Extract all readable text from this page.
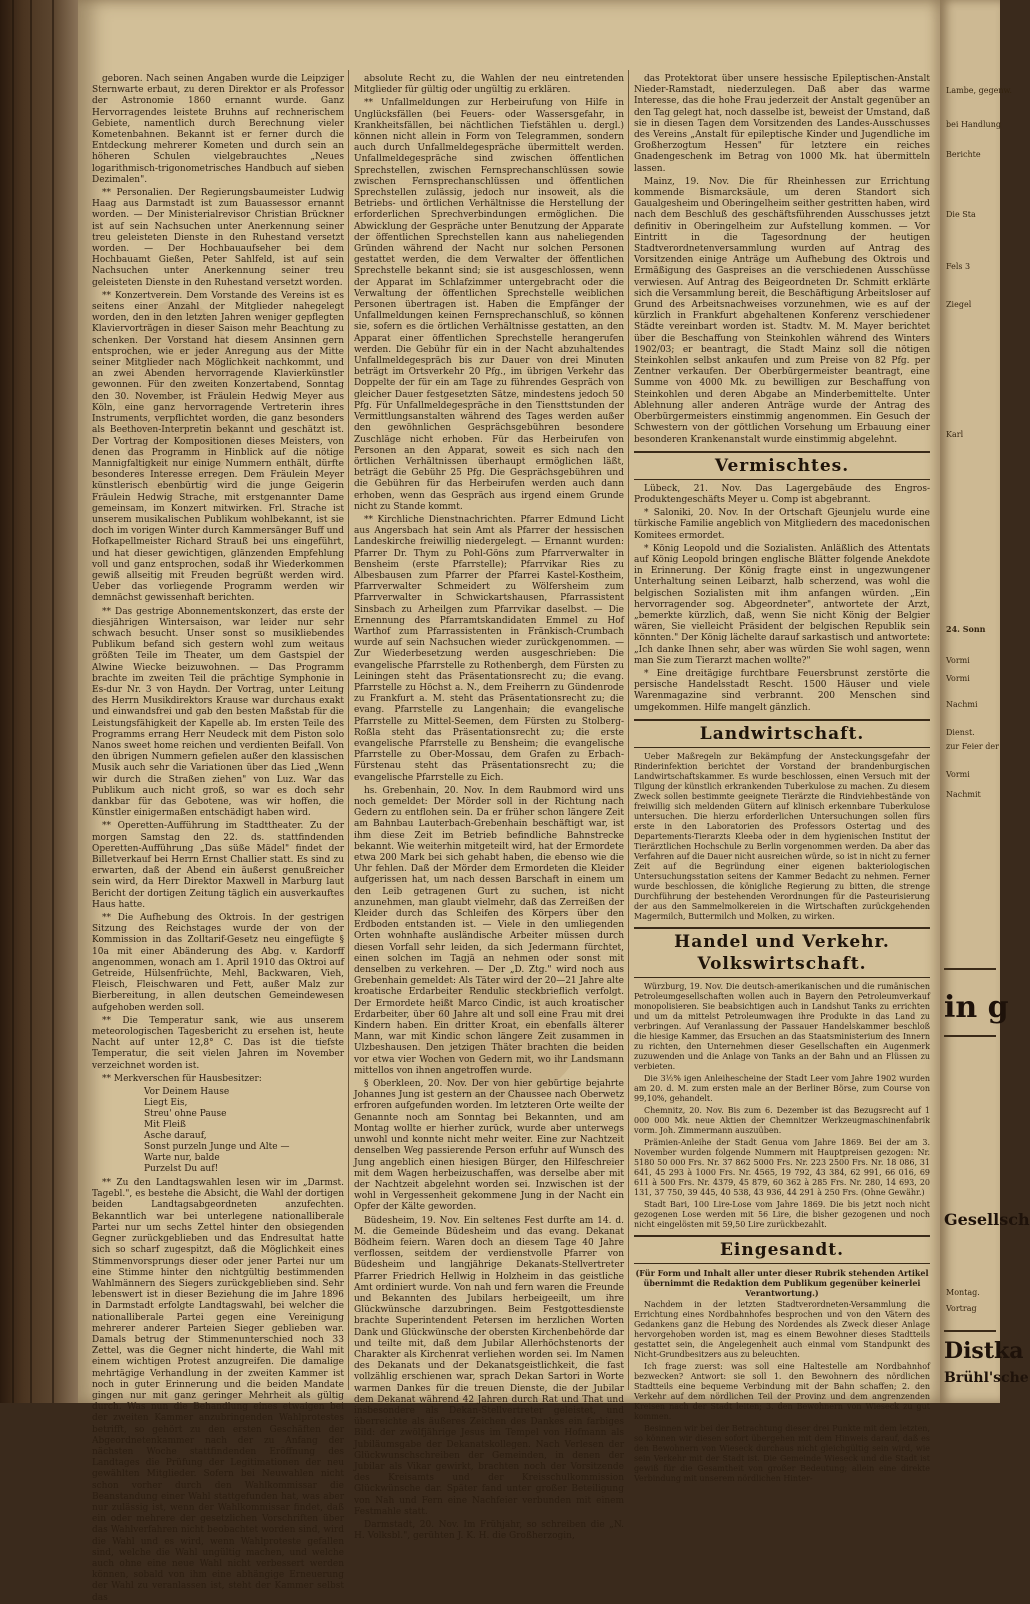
geboren. Nach seinen Angaben wurde die Leipziger Sternwarte erbaut, zu deren Direktor er als Professor der Astronomie 1860 ernannt wurde. Ganz Hervorragendes leistete Bruhns auf rechnerischem Gebiete, namentlich durch Berechnung vieler Kometenbahnen. Bekannt ist er ferner durch die Entdeckung mehrerer Kometen und durch sein an höheren Schulen vielgebrauchtes „Neues logarithmisch-trigonometrisches Handbuch auf sieben Dezimalen".

** Personalien. Der Regierungsbaumeister Ludwig Haag aus Darmstadt ist zum Bauassessor ernannt worden. — Der Ministerialrevisor Christian Brückner ist auf sein Nachsuchen unter Anerkennung seiner treu geleisteten Dienste in den Ruhestand versetzt worden. — Der Hochbauaufseher bei dem Hochbauamt Gießen, Peter Sahlfeld, ist auf sein Nachsuchen unter Anerkennung seiner treu geleisteten Dienste in den Ruhestand versetzt worden.

** Konzertverein. Dem Vorstande des Vereins ist es seitens einer Anzahl der Mitglieder nahegelegt worden, den in den letzten Jahren weniger gepflegten Klaviervorträgen in dieser Saison mehr Beachtung zu schenken. Der Vorstand hat diesem Ansinnen gern entsprochen, wie er jeder Anregung aus der Mitte seiner Mitglieder nach Möglichkeit nachkommt, und an zwei Abenden hervorragende Klavierkünstler gewonnen. Für den zweiten Konzertabend, Sonntag den 30. November, ist Fräulein Hedwig Meyer aus Köln, eine ganz hervorragende Vertreterin ihres Instruments, verpflichtet worden, die ganz besonders als Beethoven-Interpretin bekannt und geschätzt ist. Der Vortrag der Kompositionen dieses Meisters, von denen das Programm in Hinblick auf die nötige Mannigfaltigkeit nur einige Nummern enthält, dürfte besonderes Interesse erregen. Dem Fräulein Meyer künstlerisch ebenbürtig wird die junge Geigerin Fräulein Hedwig Strache, mit erstgenannter Dame gemeinsam, im Konzert mitwirken. Frl. Strache ist unserem musikalischen Publikum wohlbekannt, ist sie doch im vorigen Winter durch Kammersänger Buff und Hofkapellmeister Richard Strauß bei uns eingeführt, und hat dieser gewichtigen, glänzenden Empfehlung voll und ganz entsprochen, sodaß ihr Wiederkommen gewiß allseitig mit Freuden begrüßt werden wird. Ueber das vorliegende Programm werden wir demnächst gewissenhaft berichten.

** Das gestrige Abonnementskonzert, das erste der diesjährigen Wintersaison, war leider nur sehr schwach besucht. Unser sonst so musikliebendes Publikum befand sich gestern wohl zum weitaus größten Teile im Theater, um dem Gastspiel der Alwine Wiecke beizuwohnen. — Das Programm brachte im zweiten Teil die prächtige Symphonie in Es-dur Nr. 3 von Haydn. Der Vortrag, unter Leitung des Herrn Musikdirektors Krause war durchaus exakt und einwandsfrei und gab den besten Maßstab für die Leistungsfähigkeit der Kapelle ab. Im ersten Teile des Programms errang Herr Neudeck mit dem Piston solo Nanos sweet home reichen und verdienten Beifall. Von den übrigen Nummern gefielen außer den klassischen Musik auch sehr die Variationen über das Lied „Wenn wir durch die Straßen ziehen" von Luz. War das Publikum auch nicht groß, so war es doch sehr dankbar für das Gebotene, was wir hoffen, die Künstler einigermaßen entschädigt haben wird.

** Operetten-Aufführung im Stadttheater. Zu der morgen Samstag den 22. ds. stattfindenden Operetten-Aufführung „Das süße Mädel" findet der Billetverkauf bei Herrn Ernst Challier statt. Es sind zu erwarten, daß der Abend ein äußerst genußreicher sein wird, da Herr Direktor Maxwell in Marburg laut Bericht der dortigen Zeitung täglich ein ausverkauftes Haus hatte.

** Die Aufhebung des Oktrois. In der gestrigen Sitzung des Reichstages wurde der von der Kommission in das Zolltarif-Gesetz neu eingefügte § 10a mit einer Abänderung des Abg. v. Kardorff angenommen, wonach am 1. April 1910 das Oktroi auf Getreide, Hülsenfrüchte, Mehl, Backwaren, Vieh, Fleisch, Fleischwaren und Fett, außer Malz zur Bierbereitung, in allen deutschen Gemeindewesen aufgehoben werden soll.

** Die Temperatur sank, wie aus unserem meteorologischen Tagesbericht zu ersehen ist, heute Nacht auf unter 12,8° C. Das ist die tiefste Temperatur, die seit vielen Jahren im November verzeichnet worden ist.

** Merkverschen für Hausbesitzer:

Vor Deinem Hause
Liegt Eis,
Streu' ohne Pause
Mit Fleiß
Asche darauf,
Sonst purzeln Junge und Alte —
Warte nur, balde
Purzelst Du auf!

** Zu den Landtagswahlen lesen wir im „Darmst. Tagebl.", es bestehe die Absicht, die Wahl der dortigen beiden Landtagsabgeordneten anzufechten. Bekanntlich war bei unterlegene nationalliberale Partei nur um sechs Zettel hinter den obsiegenden Gegner zurückgeblieben und das Endresultat hatte sich so scharf zugespitzt, daß die Möglichkeit eines Stimmenvorsprungs dieser oder jener Partei nur um eine Stimme hinter den nichtgültig bestimmenden Wahlmännern des Siegers zurückgeblieben sind. Sehr lebenswert ist in dieser Beziehung die im Jahre 1896 in Darmstadt erfolgte Landtagswahl, bei welcher die nationalliberale Partei gegen eine Vereinigung mehrerer anderer Parteien Sieger geblieben war. Damals betrug der Stimmenunterschied noch 33 Zettel, was die Gegner nicht hinderte, die Wahl mit einem wichtigen Protest anzugreifen. Die damalige mehrtägige Verhandlung in der zweiten Kammer ist noch in guter Erinnerung und die beiden Mandate gingen nur mit ganz geringer Mehrheit als gültig durch. Was nun die Behandlung eines etwaigen bei der zweiten Kammer anzubringenden Wahlprotestes betrifft, so gehört zu den ersten Geschäften der Abgeordnetenkammer nach der zu Anfang der nächsten Woche stattfindenden Eröffnung des Landtages die Prüfung der Legitimationen der neu gewählten Mitglieder. Sofern bei Neuwahlen nicht schon vorher durch den Wahlkommissar die Beanstandung einer Wahl stattgefunden hat, was aber nur zulässig ist, wenn der Wahlkommissar findet, daß ein oder mehrere der gesetzlichen Vorschriften über das Wahlverfahren nicht beobachtet worden sind, wird die Wahl und es wird, wenn Wahlproteste gefallen sind, welche die Wahl ungültig machen, und welche auch ohne eine neue Wahl nicht verbessert werden können, sobald von ihm eine abhängige Erneuerung der Wahl zu veranlassen ist, steht der Kammer selbst das

absolute Recht zu, die Wahlen der neu eintretenden Mitglieder für gültig oder ungültig zu erklären.

** Unfallmeldungen zur Herbeirufung von Hilfe in Unglücksfällen (bei Feuers- oder Wassersgefahr, in Krankheitsfällen, bei nächtlichen Tiefstählen u. dergl.) können nicht allein in Form von Telegrammen, sondern auch durch Unfallmeldegespräche übermittelt werden. Unfallmeldegespräche sind zwischen öffentlichen Sprechstellen, zwischen Fernsprechanschlüssen sowie zwischen Fernsprechanschlüssen und öffentlichen Sprechstellen zulässig, jedoch nur insoweit, als die Betriebs- und örtlichen Verhältnisse die Herstellung der erforderlichen Sprechverbindungen ermöglichen. Die Abwicklung der Gespräche unter Benutzung der Apparate der öffentlichen Sprechstellen kann aus naheliegenden Gründen während der Nacht nur solchen Personen gestattet werden, die dem Verwalter der öffentlichen Sprechstelle bekannt sind; sie ist ausgeschlossen, wenn der Apparat im Schlafzimmer untergebracht oder die Verwaltung der öffentlichen Sprechstelle weiblichen Personen übertragen ist. Haben die Empfänger der Unfallmeldungen keinen Fernsprechanschluß, so können sie, sofern es die örtlichen Verhältnisse gestatten, an den Apparat einer öffentlichen Sprechstelle herangerufen werden. Die Gebühr für ein in der Nacht abzuhaltendes Unfallmeldegespräch bis zur Dauer von drei Minuten beträgt im Ortsverkehr 20 Pfg., im übrigen Verkehr das Doppelte der für ein am Tage zu führendes Gespräch von gleicher Dauer festgesetzten Sätze, mindestens jedoch 50 Pfg. Für Unfallmeldegespräche in den Tiensttstunden der Vermittlungsanstalten während des Tages werden außer den gewöhnlichen Gesprächsgebühren besondere Zuschläge nicht erhoben. Für das Herbeirufen von Personen an den Apparat, soweit es sich nach den örtlichen Verhältnissen überhaupt ermöglichen läßt, beträgt die Gebühr 25 Pfg. Die Gesprächsgebühren und die Gebühren für das Herbeirufen werden auch dann erhoben, wenn das Gespräch aus irgend einem Grunde nicht zu Stande kommt.

** Kirchliche Dienstnachrichten. Pfarrer Edmund Licht aus Angersbach hat sein Amt als Pfarrer der hessischen Landeskirche freiwillig niedergelegt. — Ernannt wurden: Pfarrer Dr. Thym zu Pohl-Göns zum Pfarrverwalter in Bensheim (erste Pfarrstelle); Pfarrvikar Ries zu Albesbausen zum Pfarrer der Pfarrei Kastel-Kostheim, Pfarrverwalter Schmeidert zu Wölfersheim zum Pfarrverwalter in Schwickartshausen, Pfarrassistent Sinsbach zu Arheilgen zum Pfarrvikar daselbst. — Die Ernennung des Pfarramtskandidaten Emmel zu Hof Warthof zum Pfarrassistenten in Fränkisch-Crumbach wurde auf sein Nachsuchen wieder zurückgenommen. — Zur Wiederbesetzung werden ausgeschrieben: Die evangelische Pfarrstelle zu Rothenbergh, dem Fürsten zu Leiningen steht das Präsentationsrecht zu; die evang. Pfarrstelle zu Höchst a. N., dem Freiherrn zu Gündenrode zu Frankfurt a. M. steht das Präsentationsrecht zu; die evang. Pfarrstelle zu Langenhain; die evangelische Pfarrstelle zu Mittel-Seemen, dem Fürsten zu Stolberg-Roßla steht das Präsentationsrecht zu; die erste evangelische Pfarrstelle zu Bensheim; die evangelische Pfarrstelle zu Ober-Mossau, dem Grafen zu Erbach-Fürstenau steht das Präsentationsrecht zu; die evangelische Pfarrstelle zu Eich.

hs. Grebenhain, 20. Nov. In dem Raubmord wird uns noch gemeldet: Der Mörder soll in der Richtung nach Gedern zu entflohen sein. Da er früher schon längere Zeit am Bahnbau Lauterbach-Grebenhain beschäftigt war, ist ihm diese Zeit im Betrieb befindliche Bahnstrecke bekannt. Wie weiterhin mitgeteilt wird, hat der Ermordete etwa 200 Mark bei sich gehabt haben, die ebenso wie die Uhr fehlen. Daß der Mörder dem Ermordeten die Kleider aufgerissen hat, um nach dessen Barschaft in einem um den Leib getragenen Gurt zu suchen, ist nicht anzunehmen, man glaubt vielmehr, daß das Zerreißen der Kleider durch das Schleifen des Körpers über den Erdboden entstanden ist. — Viele in den umliegenden Orten wohnhafte ausländische Arbeiter müssen durch diesen Vorfall sehr leiden, da sich Jedermann fürchtet, einen solchen im Tagjä an nehmen oder sonst mit denselben zu verkehren. — Der „D. Ztg." wird noch aus Grebenhain gemeldet: Als Täter wird der 20—21 Jahre alte kroatische Erdarbeiter Rendulic steckbrieflich verfolgt. Der Ermordete heißt Marco Cindic, ist auch kroatischer Erdarbeiter, über 60 Jahre alt und soll eine Frau mit drei Kindern haben. Ein dritter Kroat, ein ebenfalls älterer Mann, war mit Kindic schon längere Zeit zusammen in Ulzbeshausen. Den jetzigen Thäter brachten die beiden vor etwa vier Wochen von Gedern mit, wo ihr Landsmann mittellos von ihnen angetroffen wurde.

§ Oberkleen, 20. Nov. Der von hier gebürtige bejahrte Johannes Jung ist gestern an der Chaussee nach Oberwetz erfroren aufgefunden worden. Im letzteren Orte weilte der Genannte noch am Sonntag bei Bekannten, und am Montag wollte er hierher zurück, wurde aber unterwegs unwohl und konnte nicht mehr weiter. Eine zur Nachtzeit denselben Weg passierende Person erfuhr auf Wunsch des Jung angeblich einen hiesigen Bürger, den Hilfeschreier mit dem Wagen herbeizuschaffen, was derselbe aber mit der Nachtzeit abgelehnt worden sei. Inzwischen ist der wohl in Vergessenheit gekommene Jung in der Nacht ein Opfer der Kälte geworden.

Büdesheim, 19. Nov. Ein seltenes Fest durfte am 14. d. M. die Gemeinde Büdesheim und das evang. Dekanat Bödheim feiern. Waren doch an diesem Tage 40 Jahre verflossen, seitdem der verdienstvolle Pfarrer von Büdesheim und langjährige Dekanats-Stellvertreter Pfarrer Friedrich Hellwig in Holzheim in das geistliche Amt ordiniert wurde. Von nah und fern waren die Freunde und Bekannten des Jubilars herbeigeeilt, um ihre Glückwünsche darzubringen. Beim Festgottesdienste brachte Superintendent Petersen im herzlichen Worten Dank und Glückwünsche der obersten Kirchenbehörde dar und teilte mit, daß dem Jubilar Allerhöchstenorts der Charakter als Kirchenrat verliehen worden sei. Im Namen des Dekanats und der Dekanatsgeistlichkeit, die fast vollzählig erschienen war, sprach Dekan Sartori in Worte warmen Dankes für die treuen Dienste, die der Jubilar dem Dekanat während 42 Jahren durch Rat und That und insbesondere als Dekan-Stellvertreter geleistet, und überreichte als äußeres Zeichen des Dankes ein farbiges Bild: der zwölfjährige Jesus im Tempel von Hofmann als Jubiläumsgabe der Dekanatskollegen. Nach Verlesen der Glückwunschschreiben der Gemeinden, in denen der Jubilar als Vikar gewirkt, brachten noch der Vorsitzende des Kreisamts und der Kreisschulkommission Glückwünsche dar. Später fand unter großer Beteiligung von Nah und Fern eine Nachfeier verbunden mit einem Festmahle statt.

Darmstadt, 20. Nov. Im Frühjahr, so schreiben die „N. H. Volksbl.", gerühten J. K. H. die Großherzogin,

das Protektorat über unsere hessische Epileptischen-Anstalt Nieder-Ramstadt, niederzulegen. Daß aber das warme Interesse, das die hohe Frau jederzeit der Anstalt gegenüber an den Tag gelegt hat, noch dasselbe ist, beweist der Umstand, daß sie in diesen Tagen dem Vorsitzenden des Landes-Ausschusses des Vereins „Anstalt für epileptische Kinder und Jugendliche im Großherzogtum Hessen" für letztere ein reiches Gnadengeschenk im Betrag von 1000 Mk. hat übermitteln lassen.

Mainz, 19. Nov. Die für Rheinhessen zur Errichtung kommende Bismarcksäule, um deren Standort sich Gaualgesheim und Oberingelheim seither gestritten haben, wird nach dem Beschluß des geschäftsführenden Ausschusses jetzt definitiv in Oberingelheim zur Aufstellung kommen. — Vor Eintritt in die Tagesordnung der heutigen Stadtverordnetenversammlung wurden auf Antrag des Vorsitzenden einige Anträge um Aufhebung des Oktrois und Ermäßigung des Gaspreises an die verschiedenen Ausschüsse verwiesen. Auf Antrag des Beigeordneten Dr. Schmitt erklärte sich die Versammlung bereit, die Beschäftigung Arbeitsloser auf Grund des Arbeitsnachweises vorzunehmen, wie es auf der kürzlich in Frankfurt abgehaltenen Konferenz verschiedener Städte vereinbart worden ist. Stadtv. M. M. Mayer berichtet über die Beschaffung von Steinkohlen während des Winters 1902/03; er beantragt, die Stadt Mainz soll die nötigen Steinkohlen selbst ankaufen und zum Preise von 82 Pfg. per Zentner verkaufen. Der Oberbürgermeister beantragt, eine Summe von 4000 Mk. zu bewilligen zur Beschaffung von Steinkohlen und deren Abgabe an Minderbemittelte. Unter Ablehnung aller anderen Anträge wurde der Antrag des Oberbürgermeisters einstimmig angenommen. Ein Gesuch der Schwestern von der göttlichen Vorsehung um Erbauung einer besonderen Krankenanstalt wurde einstimmig abgelehnt.

Vermischtes.

Lübeck, 21. Nov. Das Lagergebäude des Engros-Produktengeschäfts Meyer u. Comp ist abgebrannt.

* Saloniki, 20. Nov. In der Ortschaft Gjeunjelu wurde eine türkische Familie angeblich von Mitgliedern des macedonischen Komitees ermordet.

* König Leopold und die Sozialisten. Anläßlich des Attentats auf König Leopold bringen englische Blätter folgende Anekdote in Erinnerung. Der König fragte einst in ungezwungener Unterhaltung seinen Leibarzt, halb scherzend, was wohl die belgischen Sozialisten mit ihm anfangen würden. „Ein hervorragender sog. Abgeordneter", antwortete der Arzt, „bemerkte kürzlich, daß, wenn Sie nicht König der Belgier wären, Sie vielleicht Präsident der belgischen Republik sein könnten." Der König lächelte darauf sarkastisch und antwortete: „Ich danke Ihnen sehr, aber was würden Sie wohl sagen, wenn man Sie zum Tierarzt machen wollte?"

* Eine dreitägige furchtbare Feuersbrunst zerstörte die persische Handelsstadt Rescht. 1500 Häuser und viele Warenmagazine sind verbrannt. 200 Menschen sind umgekommen. Hilfe mangelt gänzlich.

Landwirtschaft.

Ueber Maßregeln zur Bekämpfung der Ansteckungsgefahr der Rinderinfektion berichtet der Vorstand der brandenburgischen Landwirtschaftskammer. Es wurde beschlossen, einen Versuch mit der Tilgung der künstlich erkrankenden Tuberkulose zu machen. Zu diesem Zweck sollen bestimmte geeignete Tierärzte die Rindviehbestände von freiwillig sich meldenden Gütern auf klinisch erkennbare Tuberkulose untersuchen. Die hierzu erforderlichen Untersuchungen sollen fürs erste in den Laboratorien des Professors Ostertag und des Departements-Tierarzts Kleeba oder in dem hygienischen Institut der Tierärztlichen Hochschule zu Berlin vorgenommen werden. Da aber das Verfahren auf die Dauer nicht ausreichen würde, so ist in nicht zu ferner Zeit auf die Begründung einer eigenen bakteriologischen Untersuchungsstation seitens der Kammer Bedacht zu nehmen. Ferner wurde beschlossen, die königliche Regierung zu bitten, die strenge Durchführung der bestehenden Verordnungen für die Pasteurisierung der aus den Sammelmolkereien in die Wirtschaften zurückgehenden Magermilch, Buttermilch und Molken, zu wirken.

Handel und Verkehr. Volkswirtschaft.

Würzburg, 19. Nov. Die deutsch-amerikanischen und die rumänischen Petroleumgesellschaften wollen auch in Bayern den Petroleumverkauf monopolisieren. Sie beabsichtigen auch in Landshut Tanks zu errichten und um da mittelst Petroleumwagen ihre Produkte in das Land zu verbringen. Auf Veranlassung der Passauer Handelskammer beschloß die hiesige Kammer, das Ersuchen an das Staatsministerium des Innern zu richten, den Unternehmen dieser Gesellschaften ein Augenmerk zuzuwenden und die Anlage von Tanks an der Bahn und an Flüssen zu verbieten.

Die 3½% igen Anleihescheine der Stadt Leer vom Jahre 1902 wurden am 20. d. M. zum ersten male an der Berliner Börse, zum Course von 99,10%, gehandelt.

Chemnitz, 20. Nov. Bis zum 6. Dezember ist das Bezugsrecht auf 1 000 000 Mk. neue Aktien der Chemnitzer Werkzeugmaschinenfabrik vorm. Joh. Zimmermann auszuüben.

Prämien-Anleihe der Stadt Genua vom Jahre 1869. Bei der am 3. November wurden folgende Nummern mit Hauptpreisen gezogen: Nr. 5180 50 000 Frs. Nr. 37 862 5000 Frs. Nr. 223 2500 Frs. Nr. 18 086, 31 641, 45 293 à 1000 Frs. Nr. 4565, 19 792, 43 384, 62 991, 66 016, 69 611 à 500 Frs. Nr. 4379, 45 879, 60 362 à 285 Frs. Nr. 280, 14 693, 20 131, 37 750, 39 445, 40 538, 43 936, 44 291 à 250 Frs. (Ohne Gewähr.)

Stadt Bari, 100 Lire-Lose vom Jahre 1869. Die bis jetzt noch nicht gezogenen Lose werden mit 56 Lire, die bisher gezogenen und noch nicht eingelösten mit 59,50 Lire zurückbezahlt.

Eingesandt.

(Für Form und Inhalt aller unter dieser Rubrik stehenden Artikel übernimmt die Redaktion dem Publikum gegenüber keinerlei Verantwortung.)

Nachdem in der letzten Stadtverordneten-Versammlung die Errichtung eines Nordbahnhofes besprochen und von den Vätern des Gedankens ganz die Hebung des Nordendes als Zweck dieser Anlage hervorgehoben worden ist, mag es einem Bewohner dieses Stadtteils gestattet sein, die Angelegenheit auch einmal vom Standpunkt des Nicht-Grundbesitzers aus zu beleuchten.

Ich frage zuerst: was soll eine Haltestelle am Nordbahnhof bezwecken? Antwort: sie soll 1. den Bewohnern des nördlichen Stadtteils eine bequeme Verbindung mit der Bahn schaffen; 2. den Verkehr auf dem nördlichen Teil der Provinz und dem angrenzenden Kreisen nach der Stadt leiten; 3. den Bewohnern von Wieseck zu gut kommen.

Besinnen wir bei der Betrachtung dieser drei Punkte mit dem letzten, so können wir diesen sofort übergehen mit dem Hinweis darauf, daß es den Bewohnern von Wieseck durchaus nicht gleichgültig sein wird, wie sein Verkehr mit der Stadt ist. Die Gemeinde Wieseck und die Stadt ist gewiß für die Gesamtheit von großer Bedeutung; allein eine direkte Verbindung mit unserem nördlichen Hinter-

Lambe, gegenw.
bei Handlung
Berichte
Die Sta
Fels 3
Ziegel
Karl
24. Sonn
Vormi
Vormi
Nachmi
Dienst.
zur Feier der
Vormi
Nachmit
in g
Gesellsch
Montag.
Vortrag
Distka
Brühl'sche
